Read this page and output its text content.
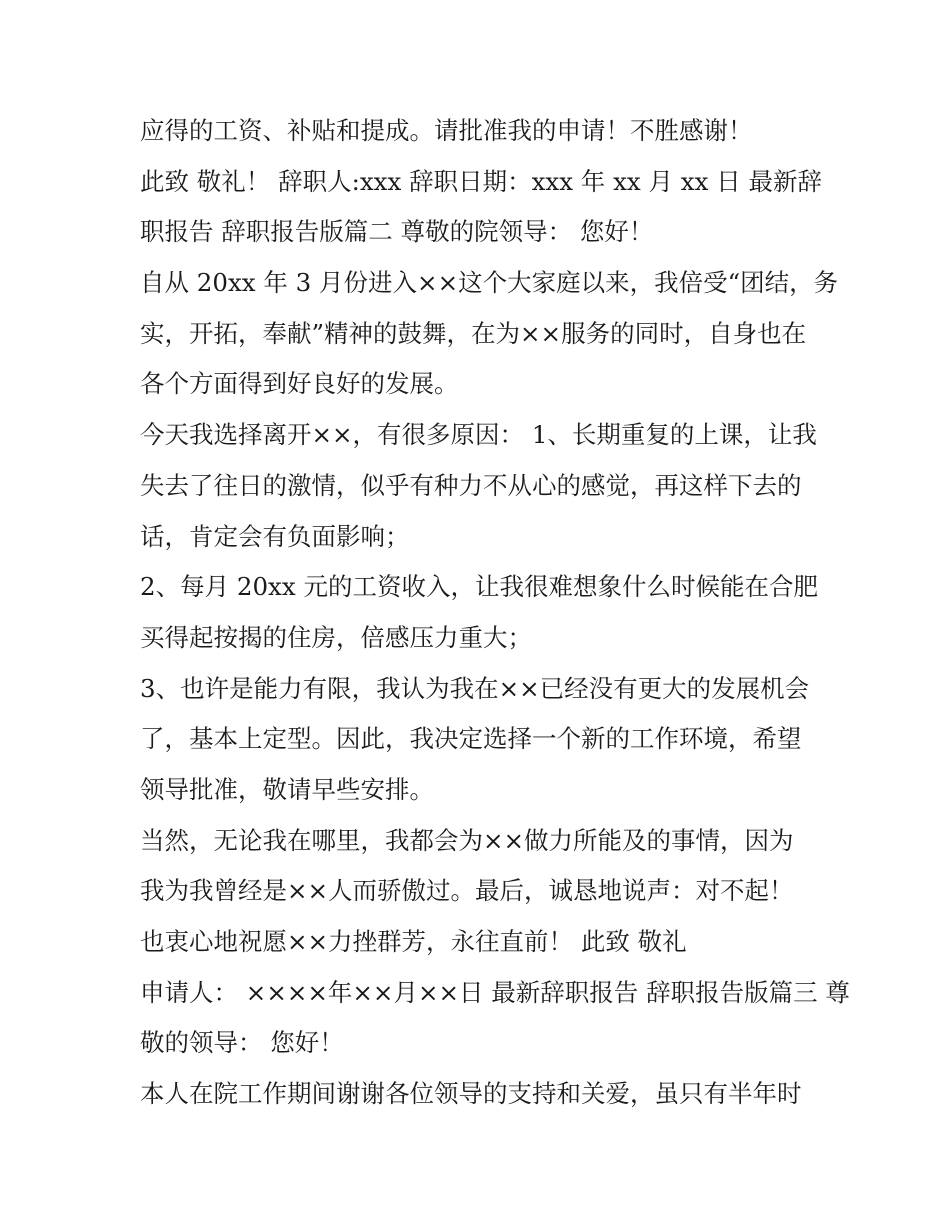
应得的工资、补贴和提成。请批准我的申请！不胜感谢！
此致 敬礼！ 辞职人:xxx 辞职日期：xxx 年 xx 月 xx 日 最新辞
职报告 辞职报告版篇二 尊敬的院领导： 您好！
自从 20xx 年 3 月份进入××这个大家庭以来，我倍受“团结，务
实，开拓，奉献”精神的鼓舞，在为××服务的同时，自身也在
各个方面得到好良好的发展。
今天我选择离开××，有很多原因： 1、长期重复的上课，让我
失去了往日的激情，似乎有种力不从心的感觉，再这样下去的
话，肯定会有负面影响；
2、每月 20xx 元的工资收入，让我很难想象什么时候能在合肥
买得起按揭的住房，倍感压力重大；
3、也许是能力有限，我认为我在××已经没有更大的发展机会
了，基本上定型。因此，我决定选择一个新的工作环境，希望
领导批准，敬请早些安排。
当然，无论我在哪里，我都会为××做力所能及的事情，因为
我为我曾经是××人而骄傲过。最后，诚恳地说声：对不起！
也衷心地祝愿××力挫群芳，永往直前！ 此致 敬礼
申请人： ××××年××月××日 最新辞职报告 辞职报告版篇三 尊
敬的领导： 您好！
本人在院工作期间谢谢各位领导的支持和关爱，虽只有半年时
